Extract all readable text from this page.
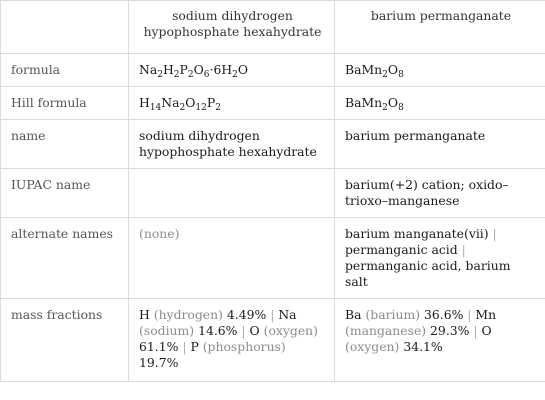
	sodium dihydrogen hypophosphate hexahydrate	barium permanganate
formula	$Na_2H_2P_2O_6\cdot 6H_2O$	$BaMn_2O_8$
Hill formula	$H_{14}Na_2O_{12}P_2$	$BaMn_2O_8$
name	sodium dihydrogen hypophosphate hexahydrate	barium permanganate
IUPAC name		barium(+2) cation; oxido–trioxo–manganese
alternate names	(none)	barium manganate(vii) | permanganic acid | permanganic acid, barium salt
mass fractions	H (hydrogen) 4.49% | Na (sodium) 14.6% | O (oxygen) 61.1% | P (phosphorus) 19.7%	Ba (barium) 36.6% | Mn (manganese) 29.3% | O (oxygen) 34.1%
